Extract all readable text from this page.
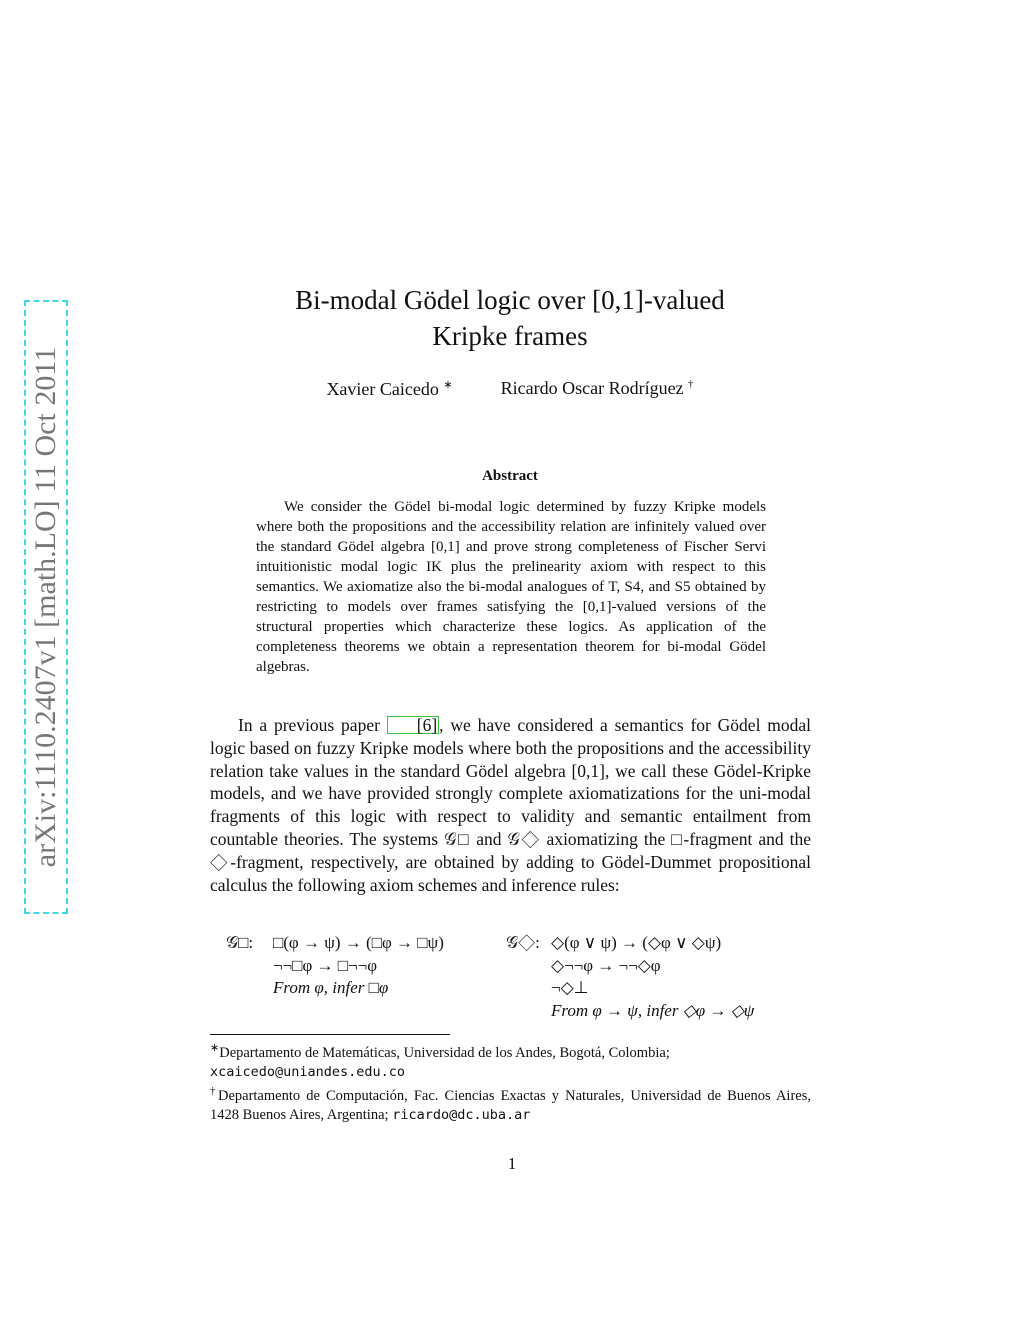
arXiv:1110.2407v1 [math.LO] 11 Oct 2011
Bi-modal Gödel logic over [0,1]-valued
Kripke frames
Xavier Caicedo ∗	Ricardo Oscar Rodríguez †
Abstract

We consider the Gödel bi-modal logic determined by fuzzy Kripke models where both the propositions and the accessibility relation are infinitely valued over the standard Gödel algebra [0,1] and prove strong completeness of Fischer Servi intuitionistic modal logic IK plus the prelinearity axiom with respect to this semantics. We axiomatize also the bi-modal analogues of T, S4, and S5 obtained by restricting to models over frames satisfying the [0,1]-valued versions of the structural properties which characterize these logics. As application of the completeness theorems we obtain a representation theorem for bi-modal Gödel algebras.

In a previous paper [6] , we have considered a semantics for Gödel modal logic based on fuzzy Kripke models where both the propositions and the accessibility relation take values in the standard Gödel algebra [0,1], we call these Gödel-Kripke models, and we have provided strongly complete axiomatizations for the uni-modal fragments of this logic with respect to validity and semantic entailment from countable theories. The systems 𝒢□ and 𝒢◇ axiomatizing the □-fragment and the ◇-fragment, respectively, are obtained by adding to Gödel-Dummet propositional calculus the following axiom schemes and inference rules:

𝒢□: □(φ → ψ) → (□φ → □ψ)
¬¬□φ → □¬¬φ
From φ, infer □φ
𝒢◇: ◇(φ ∨ ψ) → (◇φ ∨ ◇ψ)
◇¬¬φ → ¬¬◇φ
¬◇⊥
From φ → ψ, infer ◇φ → ◇ψ

∗Departamento de Matemáticas, Universidad de los Andes, Bogotá, Colombia;
xcaicedo@uniandes.edu.co

†Departamento de Computación, Fac. Ciencias Exactas y Naturales, Universidad de Buenos Aires, 1428 Buenos Aires, Argentina; ricardo@dc.uba.ar

1
